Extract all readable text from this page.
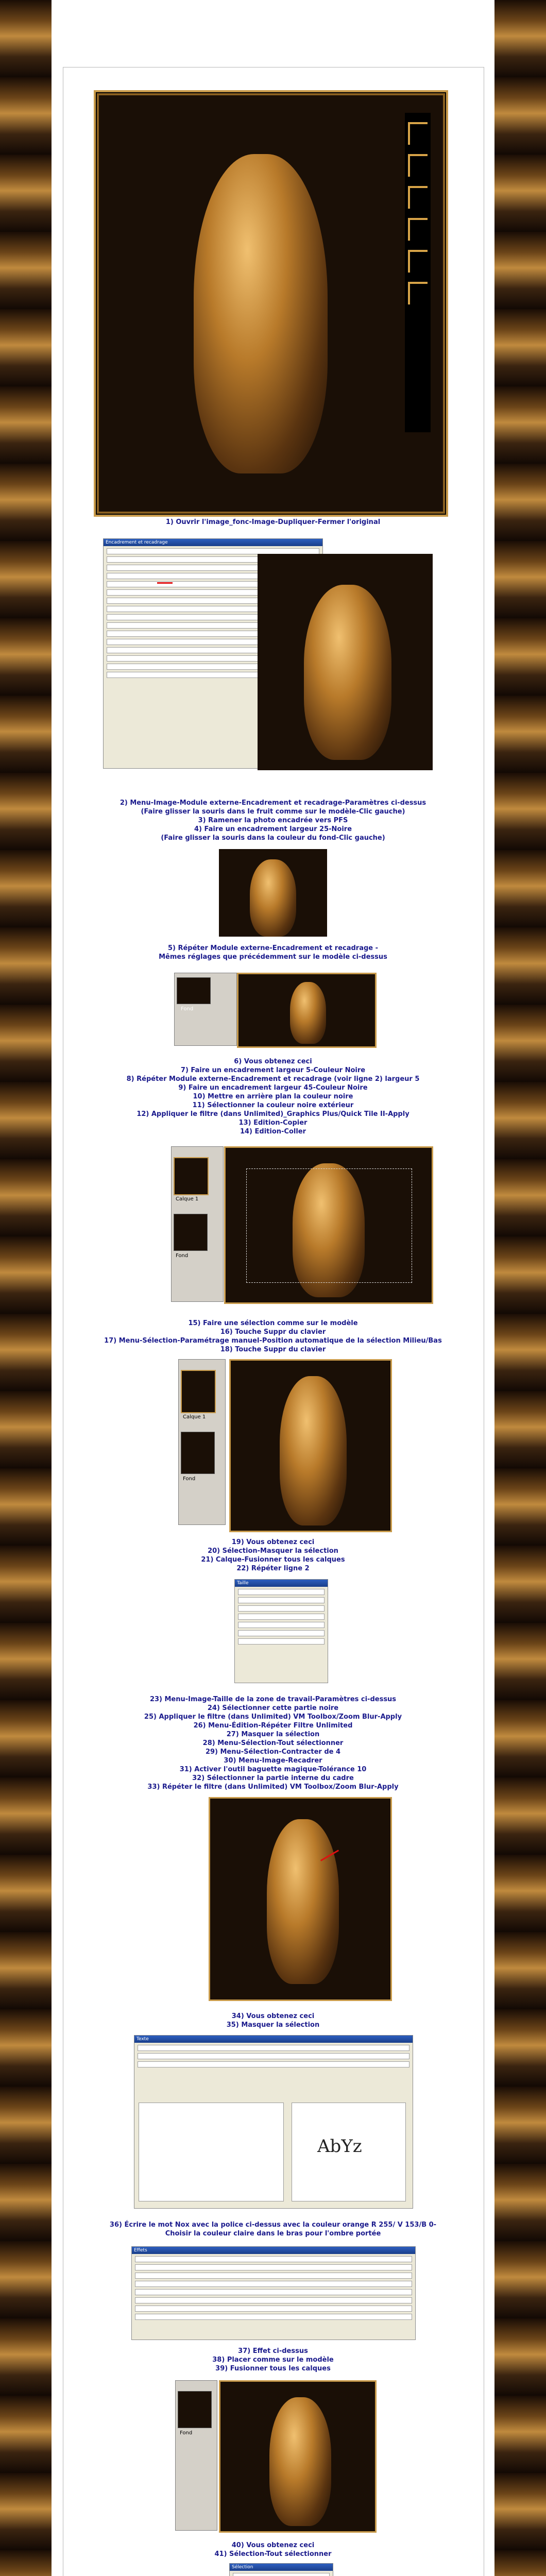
1) Ouvrir l'image_fonc-Image-Dupliquer-Fermer l'original
Encadrement et recadrage
2) Menu-Image-Module externe-Encadrement et recadrage-Paramètres ci-dessus
(Faire glisser la souris dans le fruit comme sur le modèle-Clic gauche)
3) Ramener la photo encadrée vers PFS
4) Faire un encadrement largeur 25-Noire
(Faire glisser la souris dans la couleur du fond-Clic gauche)
5) Répéter Module externe-Encadrement et recadrage -
Mêmes réglages que précédemment sur le modèle ci-dessus
Fond
6) Vous obtenez ceci
7) Faire un encadrement largeur 5-Couleur Noire
8) Répéter Module externe-Encadrement et recadrage (voir ligne 2) largeur 5
9) Faire un encadrement largeur 45-Couleur Noire
10) Mettre en arrière plan la couleur noire
11) Sélectionner la couleur noire extérieur
12) Appliquer le filtre (dans Unlimited)_Graphics Plus/Quick Tile II-Apply
13) Edition-Copier
14) Edition-Coller
Calque 1
Fond
15) Faire une sélection comme sur le modèle
16) Touche Suppr du clavier
17) Menu-Sélection-Paramétrage manuel-Position automatique de la sélection Milieu/Bas
18) Touche Suppr du clavier
Calque 1
Fond
19) Vous obtenez ceci
20) Sélection-Masquer la sélection
21) Calque-Fusionner tous les calques
22) Répéter ligne 2
Taille
23) Menu-Image-Taille de la zone de travail-Paramètres ci-dessus
24) Sélectionner cette partie noire
25) Appliquer le filtre (dans Unlimited) VM Toolbox/Zoom Blur-Apply
26) Menu-Édition-Répéter Filtre Unlimited
27) Masquer la sélection
28) Menu-Sélection-Tout sélectionner
29) Menu-Sélection-Contracter de 4
30) Menu-Image-Recadrer
31) Activer l'outil baguette magique-Tolérance 10
32) Sélectionner la partie interne du cadre
33) Répéter le filtre (dans Unlimited) VM Toolbox/Zoom Blur-Apply
34) Vous obtenez ceci
35) Masquer la sélection
Texte
AbYz
36) Écrire le mot Nox avec la police ci-dessus avec la couleur orange R 255/ V 153/B 0-
Choisir la couleur claire dans le bras pour l'ombre portée
Effets
37) Effet ci-dessus
38) Placer comme sur le modèle
39) Fusionner tous les calques
Fond
40) Vous obtenez ceci
41) Sélection-Tout sélectionner
Sélection
